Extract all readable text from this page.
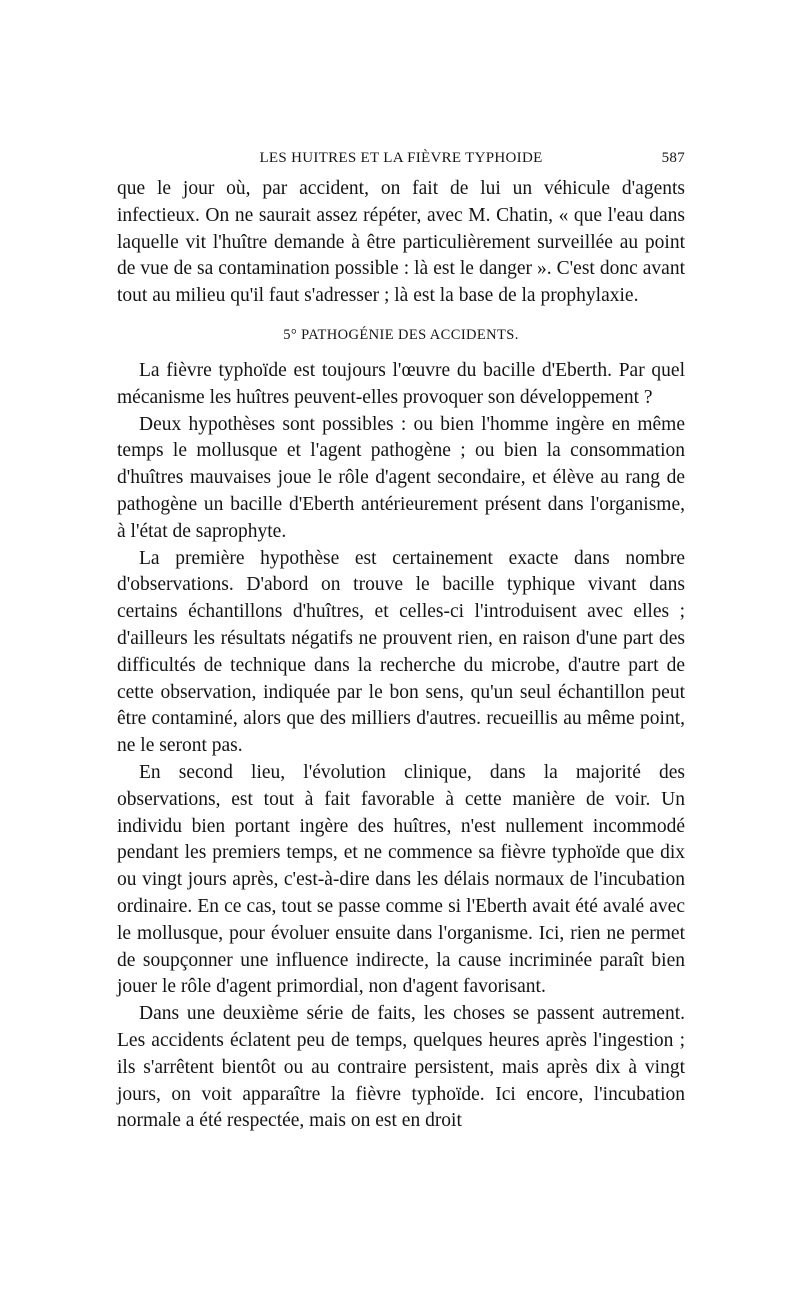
LES HUITRES ET LA FIÈVRE TYPHOIDE	587

que le jour où, par accident, on fait de lui un véhicule d'agents infectieux. On ne saurait assez répéter, avec M. Chatin, « que l'eau dans laquelle vit l'huître demande à être particulièrement surveillée au point de vue de sa contamination possible : là est le danger ». C'est donc avant tout au milieu qu'il faut s'adresser ; là est la base de la prophylaxie.

5° PATHOGÉNIE DES ACCIDENTS.

La fièvre typhoïde est toujours l'œuvre du bacille d'Eberth. Par quel mécanisme les huîtres peuvent-elles provoquer son développement ?

Deux hypothèses sont possibles : ou bien l'homme ingère en même temps le mollusque et l'agent pathogène ; ou bien la consommation d'huîtres mauvaises joue le rôle d'agent secondaire, et élève au rang de pathogène un bacille d'Eberth antérieurement présent dans l'organisme, à l'état de saprophyte.

La première hypothèse est certainement exacte dans nombre d'observations. D'abord on trouve le bacille typhique vivant dans certains échantillons d'huîtres, et celles-ci l'introduisent avec elles ; d'ailleurs les résultats négatifs ne prouvent rien, en raison d'une part des difficultés de technique dans la recherche du microbe, d'autre part de cette observation, indiquée par le bon sens, qu'un seul échantillon peut être contaminé, alors que des milliers d'autres. recueillis au même point, ne le seront pas.

En second lieu, l'évolution clinique, dans la majorité des observations, est tout à fait favorable à cette manière de voir. Un individu bien portant ingère des huîtres, n'est nullement incommodé pendant les premiers temps, et ne commence sa fièvre typhoïde que dix ou vingt jours après, c'est-à-dire dans les délais normaux de l'incubation ordinaire. En ce cas, tout se passe comme si l'Eberth avait été avalé avec le mollusque, pour évoluer ensuite dans l'organisme. Ici, rien ne permet de soupçonner une influence indirecte, la cause incriminée paraît bien jouer le rôle d'agent primordial, non d'agent favorisant.

Dans une deuxième série de faits, les choses se passent autrement. Les accidents éclatent peu de temps, quelques heures après l'ingestion ; ils s'arrêtent bientôt ou au contraire persistent, mais après dix à vingt jours, on voit apparaître la fièvre typhoïde. Ici encore, l'incubation normale a été respectée, mais on est en droit
